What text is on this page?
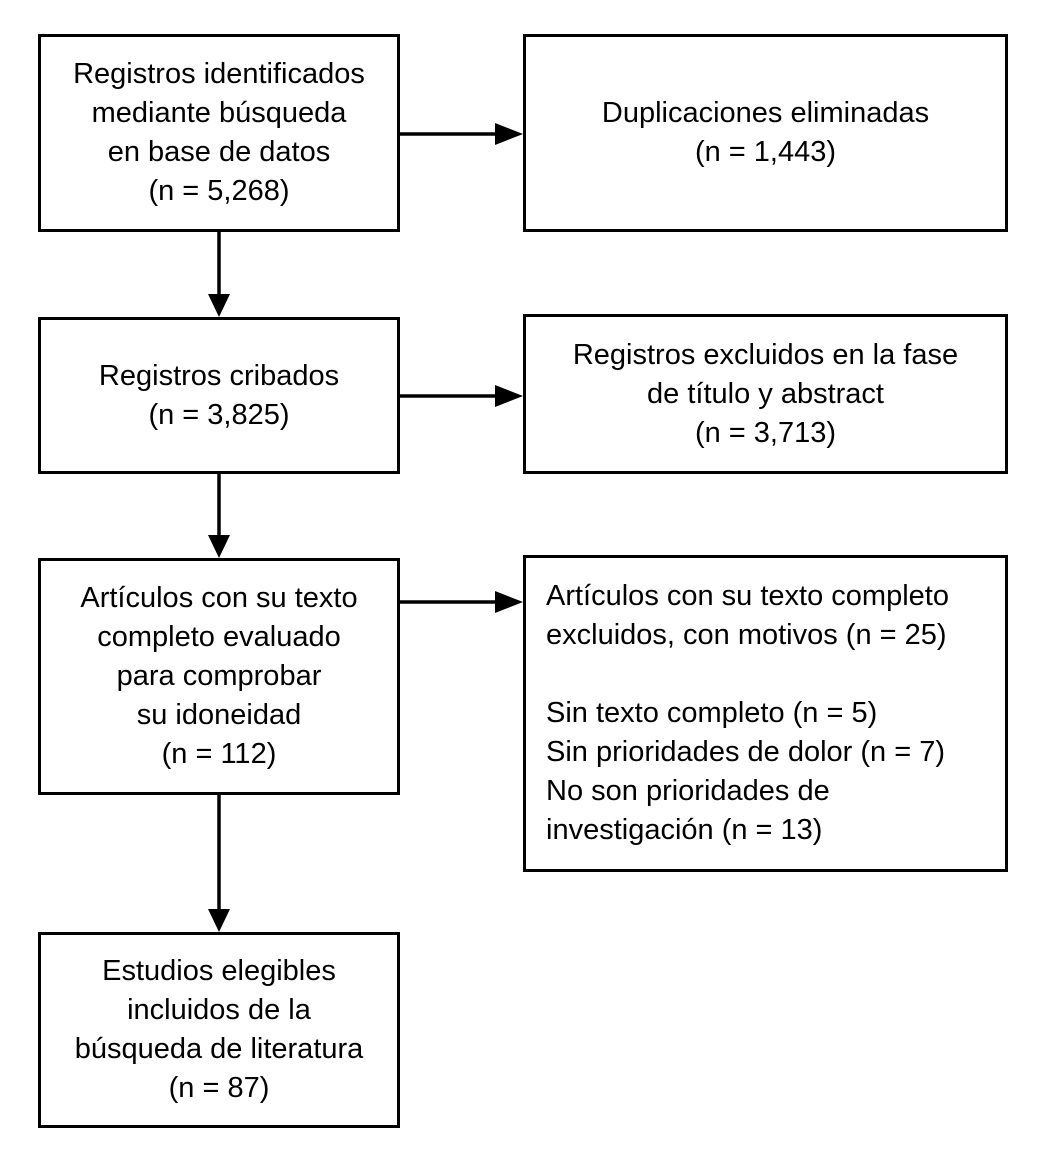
Registros identificados
mediante búsqueda
en base de datos
(n = 5,268)
Duplicaciones eliminadas
(n = 1,443)
Registros cribados
(n = 3,825)
Registros excluidos en la fase
de título y abstract
(n = 3,713)
Artículos con su texto
completo evaluado
para comprobar
su idoneidad
(n = 112)
Artículos con su texto completo
excluidos, con motivos (n = 25)
Sin texto completo (n = 5)
Sin prioridades de dolor (n = 7)
No son prioridades de
investigación (n = 13)
Estudios elegibles
incluidos de la
búsqueda de literatura
(n = 87)
